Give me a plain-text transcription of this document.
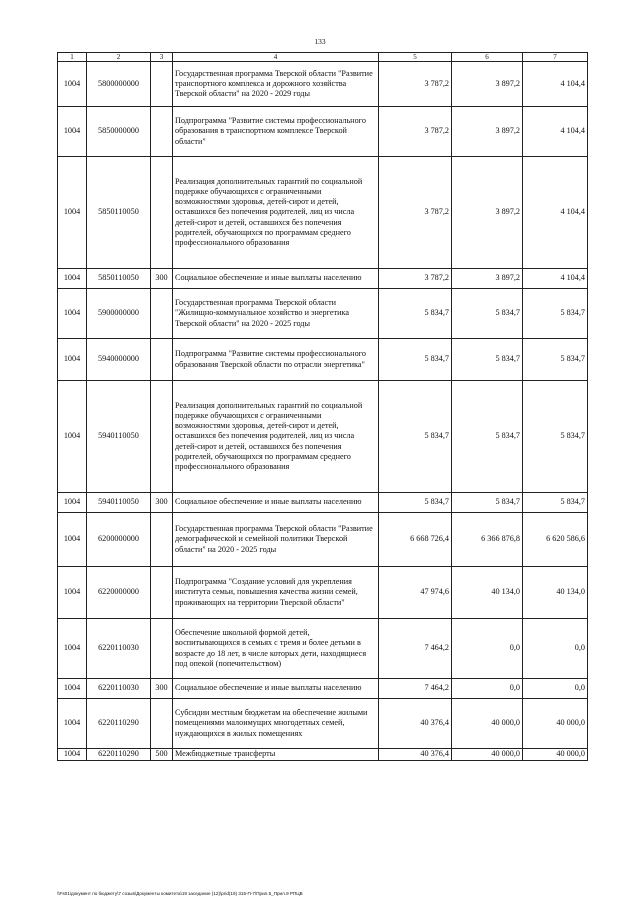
133
1	2	3	4	5	6	7
1004	5800000000		Государственная программа Тверской области "Развитие транспортного комплекса и дорожного хозяйства Тверской области" на 2020 - 2029 годы	3 787,2	3 897,2	4 104,4
1004	5850000000		Подпрограмма "Развитие системы профессионального образования в транспортном комплексе Тверской области"	3 787,2	3 897,2	4 104,4
1004	5850110050		Реализация дополнительных гарантий по социальной подержке обучающихся с ограниченными возможностями здоровья, детей-сирот и детей, оставшихся без попечения родителей, лиц из числа детей-сирот и детей, оставшихся без попечения родителей, обучающихся по программам среднего профессионального образования	3 787,2	3 897,2	4 104,4
1004	5850110050	300	Социальное обеспечение и иные выплаты населению	3 787,2	3 897,2	4 104,4
1004	5900000000		Государственная программа Тверской области "Жилищно-коммунальное хозяйство и энергетика Тверской области" на 2020 - 2025 годы	5 834,7	5 834,7	5 834,7
1004	5940000000		Подпрограмма "Развитие системы профессионального образования Тверской области по отрасли энергетика"	5 834,7	5 834,7	5 834,7
1004	5940110050		Реализация дополнительных гарантий по социальной подержке обучающихся с ограниченными возможностями здоровья, детей-сирот и детей, оставшихся без попечения родителей, лиц из числа детей-сирот и детей, оставшихся без попечения родителей, обучающихся по программам среднего профессионального образования	5 834,7	5 834,7	5 834,7
1004	5940110050	300	Социальное обеспечение и иные выплаты населению	5 834,7	5 834,7	5 834,7
1004	6200000000		Государственная программа Тверской области "Развитие демографической и семейной политики Тверской области" на 2020 - 2025 годы	6 668 726,4	6 366 876,8	6 620 586,6
1004	6220000000		Подпрограмма "Создание условий для укрепления института семьи, повышения качества жизни семей, проживающих на территории Тверской области"	47 974,6	40 134,0	40 134,0
1004	6220110030		Обеспечение школьной формой детей, воспитывающихся в семьях с тремя и более детьми в возрасте до 18 лет, в числе которых дети, находящиеся под опекой (попечительством)	7 464,2	0,0	0,0
1004	6220110030	300	Социальное обеспечение и иные выплаты населению	7 464,2	0,0	0,0
1004	6220110290		Субсидии местным бюджетам на обеспечение жилыми помещениями малоимущих многодетных семей, нуждающихся в жилых помещениях	40 376,4	40 000,0	40 000,0
1004	6220110290	500	Межбюджетные трансферты	40 376,4	40 000,0	40 000,0
\\Fs01\документ по бюджету\7 созыв\Документы комитета\19 заседание (12)\prid(19) 315-П-7\Прил.5_Прил.9 РПЦВ
